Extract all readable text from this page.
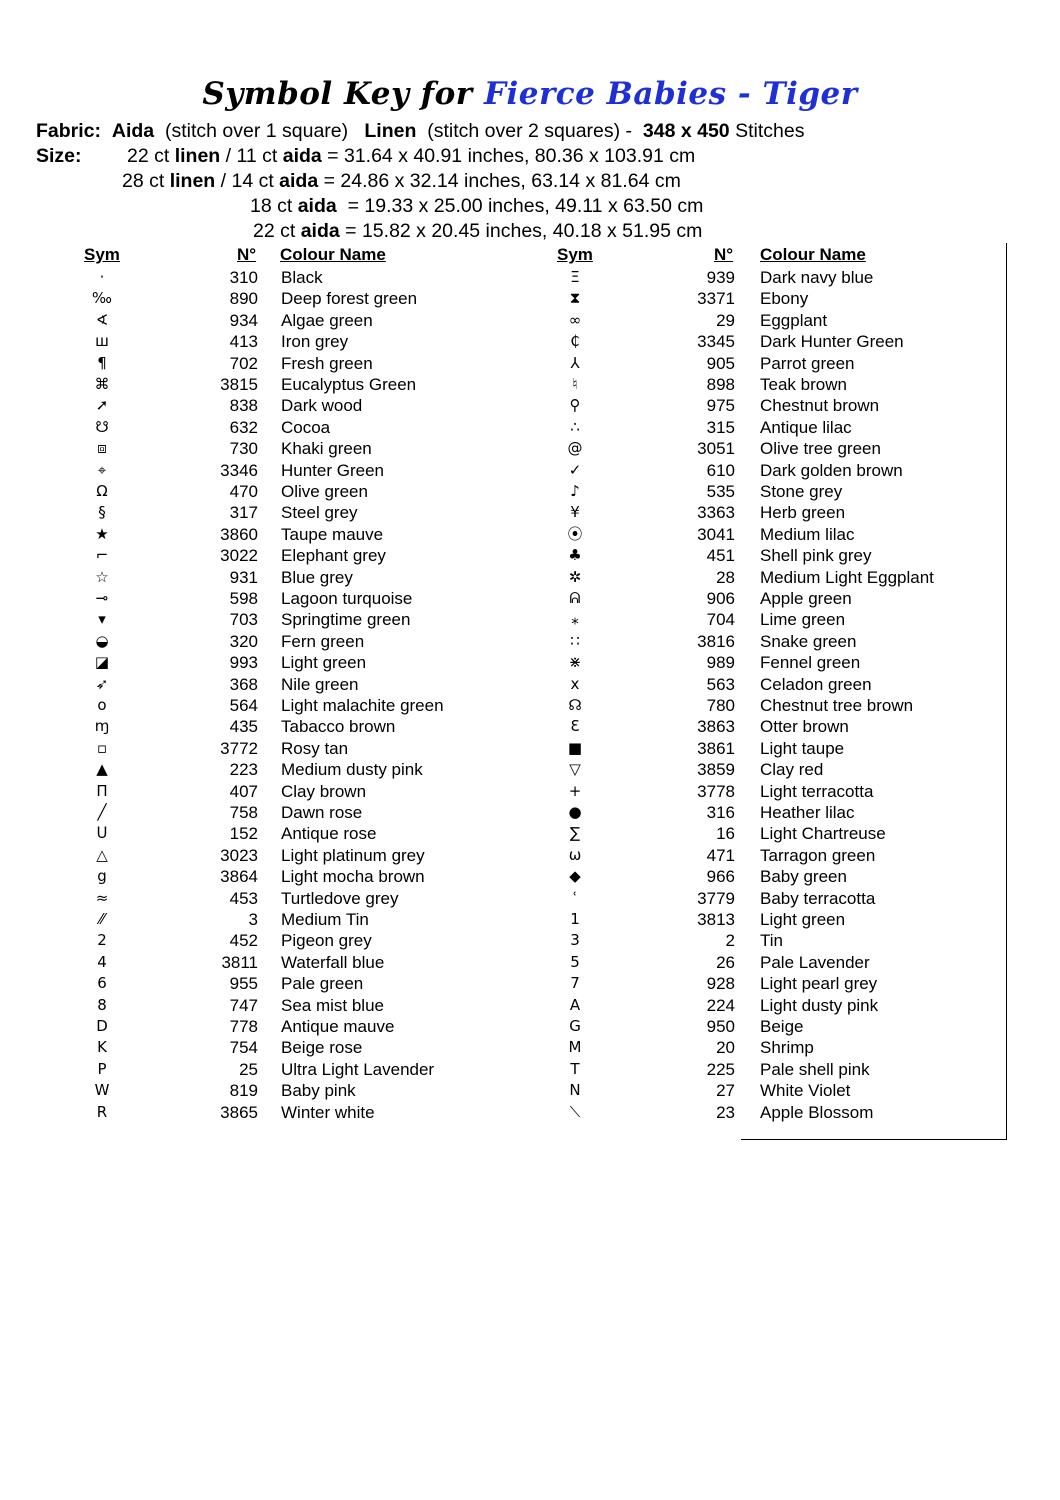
Symbol Key for Fierce Babies - Tiger
Fabric: Aida (stitch over 1 square) Linen (stitch over 2 squares) - 348 x 450 Stitches
Size: 22 ct linen / 11 ct aida = 31.64 x 40.91 inches, 80.36 x 103.91 cm
28 ct linen / 14 ct aida = 24.86 x 32.14 inches, 63.14 x 81.64 cm
18 ct aida  = 19.33 x 25.00 inches, 49.11 x 63.50 cm
22 ct aida = 15.82 x 20.45 inches, 40.18 x 51.95 cm
Sym	N° Colour Name	Sym	N° Colour Name
·	310 Black
‰	890 Deep forest green
∢	934 Algae green
ш	413 Iron grey
¶	702 Fresh green
⌘	3815 Eucalyptus Green
➚	838 Dark wood
☋	632 Cocoa
⧈	730 Khaki green
⌖	3346 Hunter Green
Ω	470 Olive green
§	317 Steel grey
★	3860 Taupe mauve
⌐	3022 Elephant grey
☆	931 Blue grey
⊸	598 Lagoon turquoise
▾	703 Springtime green
◒	320 Fern green
◪	993 Light green
➶	368 Nile green
o	564 Light malachite green
ɱ	435 Tabacco brown
▫	3772 Rosy tan
▲	223 Medium dusty pink
П	407 Clay brown
╱	758 Dawn rose
ᑌ	152 Antique rose
△	3023 Light platinum grey
g	3864 Light mocha brown
≈	453 Turtledove grey
⁄⁄	3 Medium Tin
2	452 Pigeon grey
4	3811 Waterfall blue
6	955 Pale green
8	747 Sea mist blue
D	778 Antique mauve
K	754 Beige rose
P	25 Ultra Light Lavender
W	819 Baby pink
R	3865 Winter white
Ξ	939 Dark navy blue
⧗	3371 Ebony
∞	29 Eggplant
₵	3345 Dark Hunter Green
⅄	905 Parrot green
♮	898 Teak brown
⚲	975 Chestnut brown
∴	315 Antique lilac
@	3051 Olive tree green
✓	610 Dark golden brown
♪	535 Stone grey
¥	3363 Herb green
⦿	3041 Medium lilac
♣	451 Shell pink grey
✲	28 Medium Light Eggplant
ᕱ	906 Apple green
⁎	704 Lime green
∷	3816 Snake green
⋇	989 Fennel green
x	563 Celadon green
☊	780 Chestnut tree brown
Ɛ	3863 Otter brown
■	3861 Light taupe
▽	3859 Clay red
+	3778 Light terracotta
●	316 Heather lilac
∑	16 Light Chartreuse
ω	471 Tarragon green
◆	966 Baby green
ʿ	3779 Baby terracotta
1	3813 Light green
3	2 Tin
5	26 Pale Lavender
7	928 Light pearl grey
A	224 Light dusty pink
G	950 Beige
M	20 Shrimp
T	225 Pale shell pink
N	27 White Violet
⟍	23 Apple Blossom
